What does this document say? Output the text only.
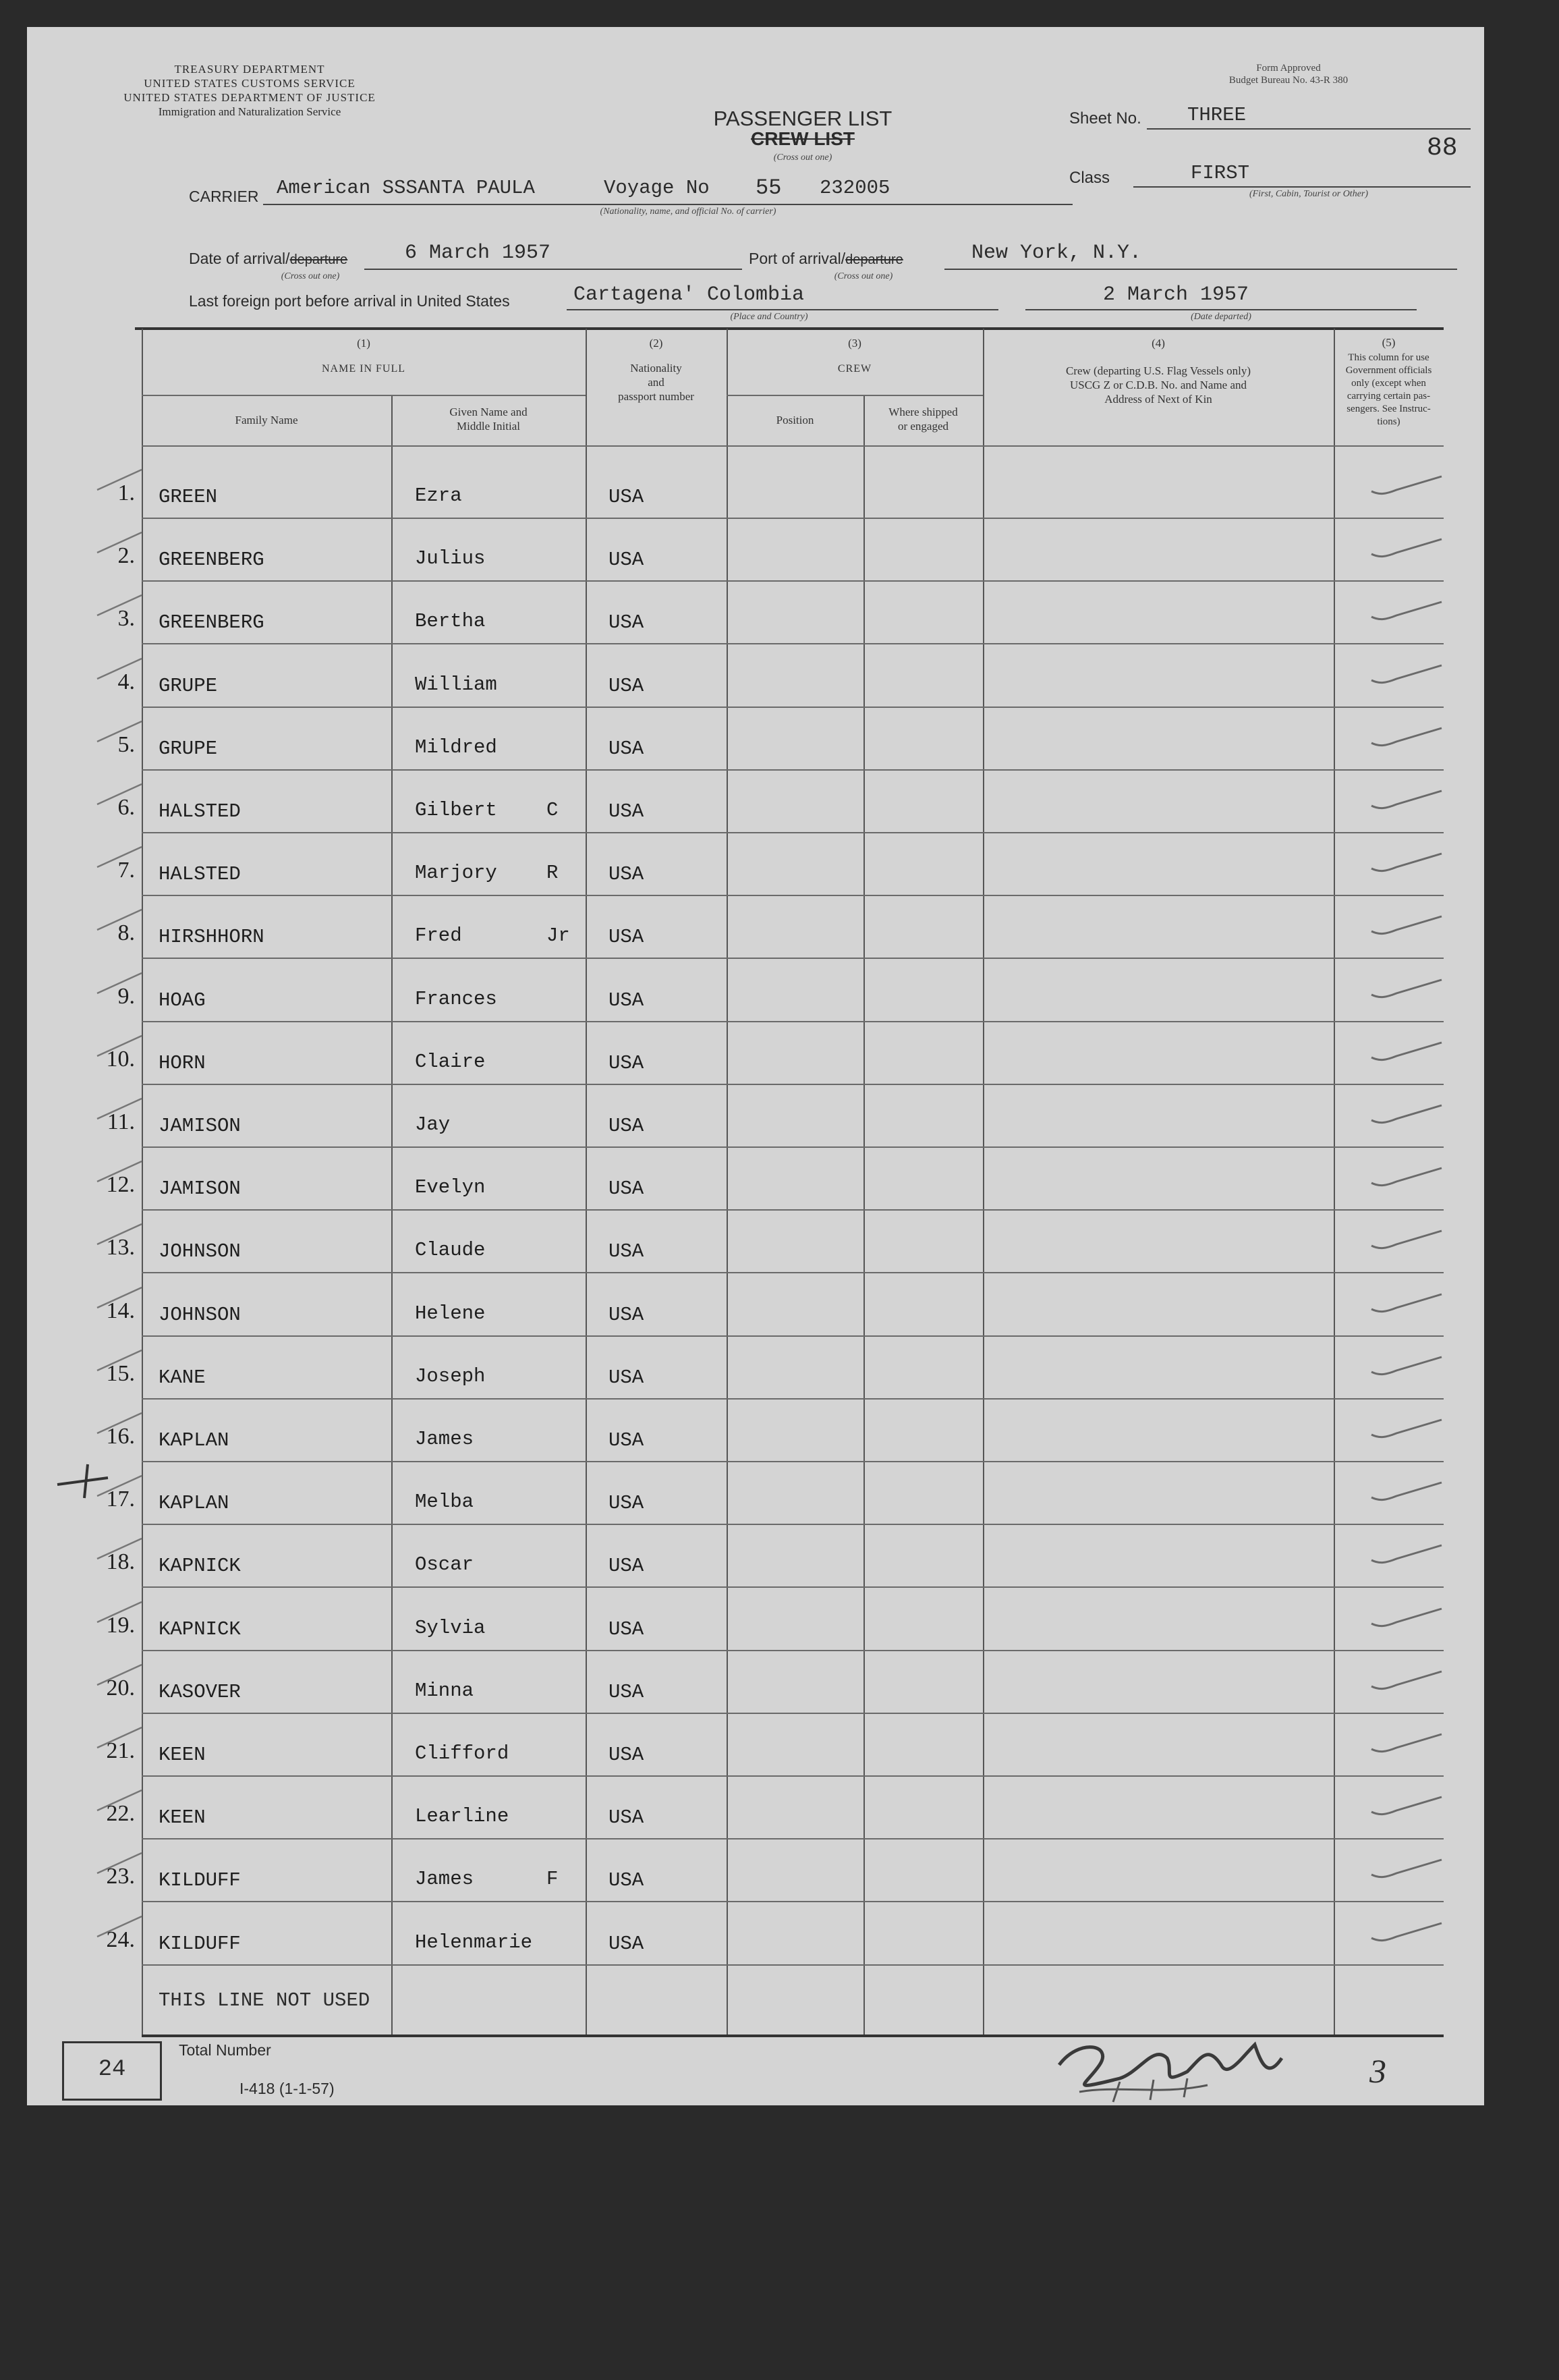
TREASURY DEPARTMENT
UNITED STATES CUSTOMS SERVICE
UNITED STATES DEPARTMENT OF JUSTICE
Immigration and Naturalization Service
Form Approved
Budget Bureau No. 43-R 380
PASSENGER LIST
CREW LIST
(Cross out one)
Sheet No. THREE
88
Class	FIRST
(First, Cabin, Tourist or Other)
CARRIER American SSSANTA PAULA	Voyage No 55 232005
(Nationality, name, and official No. of carrier)
Date of arrival/departure	6 March 1957
(Cross out one)
Port of arrival/departure	New York, N.Y.
(Cross out one)
Last foreign port before arrival in United States	Cartagena' Colombia
(Place and Country)
2 March 1957
(Date departed)
(1)
NAME IN FULL
Family Name
Given Name and
Middle Initial
(2)
Nationality
and
passport number
(3)
CREW
Position
Where shipped
or engaged
(4)
Crew (departing U.S. Flag Vessels only)
USCG Z or C.D.B. No. and Name and
Address of Next of Kin
(5)
This column for use
Government officials
only (except when
carrying certain pas-
sengers. See Instruc-
tions)
1. GREEN	Ezra	USA
2. GREENBERG	Julius	USA
3. GREENBERG	Bertha	USA
4. GRUPE	William	USA
5. GRUPE	Mildred	USA
6. HALSTED	Gilbert	C	USA
7. HALSTED	Marjory	R	USA
8. HIRSHHORN	Fred	Jr USA
9. HOAG	Frances	USA
10. HORN	Claire	USA
11. JAMISON	Jay	USA
12. JAMISON	Evelyn	USA
13. JOHNSON	Claude	USA
14. JOHNSON	Helene	USA
15. KANE	Joseph	USA
16. KAPLAN	James	USA
17. KAPLAN	Melba	USA
18. KAPNICK	Oscar	USA
19. KAPNICK	Sylvia	USA
20. KASOVER	Minna	USA
21. KEEN	Clifford	USA
22. KEEN	Learline	USA
23. KILDUFF	James	F	USA
24. KILDUFF	Helenmarie	USA
THIS LINE NOT USED
24
Total Number
I-418 (1-1-57)	3
